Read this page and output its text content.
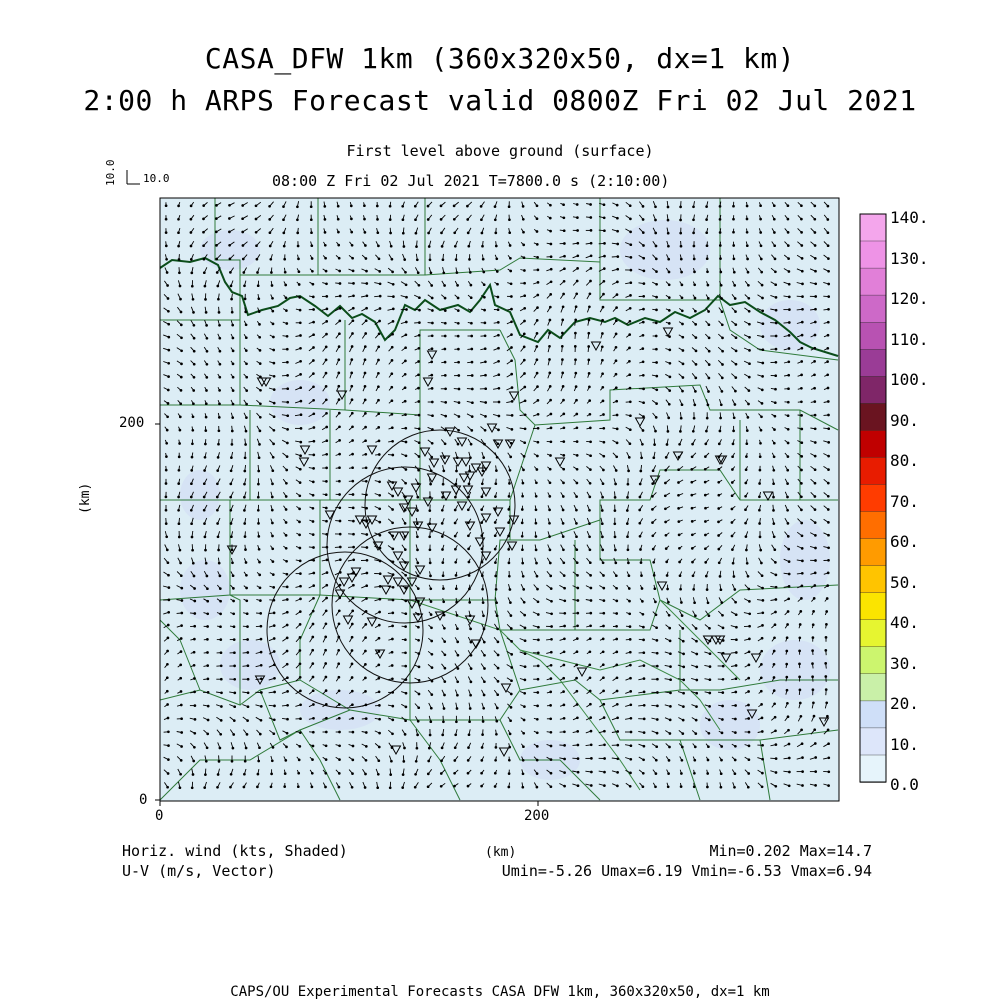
CASA_DFW 1km (360x320x50, dx=1 km)
2:00 h ARPS Forecast valid 0800Z Fri 02 Jul 2021
First level above ground (surface)
08:00 Z Fri 02 Jul 2021 T=7800.0 s (2:10:00)
10.0 10.0
200
0
0	200
(km)
(km)
140.
130.
120.
110.
100.
90.
80.
70.
60.
50.
40.
30.
20.
10.
0.0
Horiz. wind (kts, Shaded)
U-V (m/s, Vector)
Min=0.202 Max=14.7
Umin=-5.26 Umax=6.19 Vmin=-6.53 Vmax=6.94
CAPS/OU Experimental Forecasts CASA DFW 1km, 360x320x50, dx=1 km
